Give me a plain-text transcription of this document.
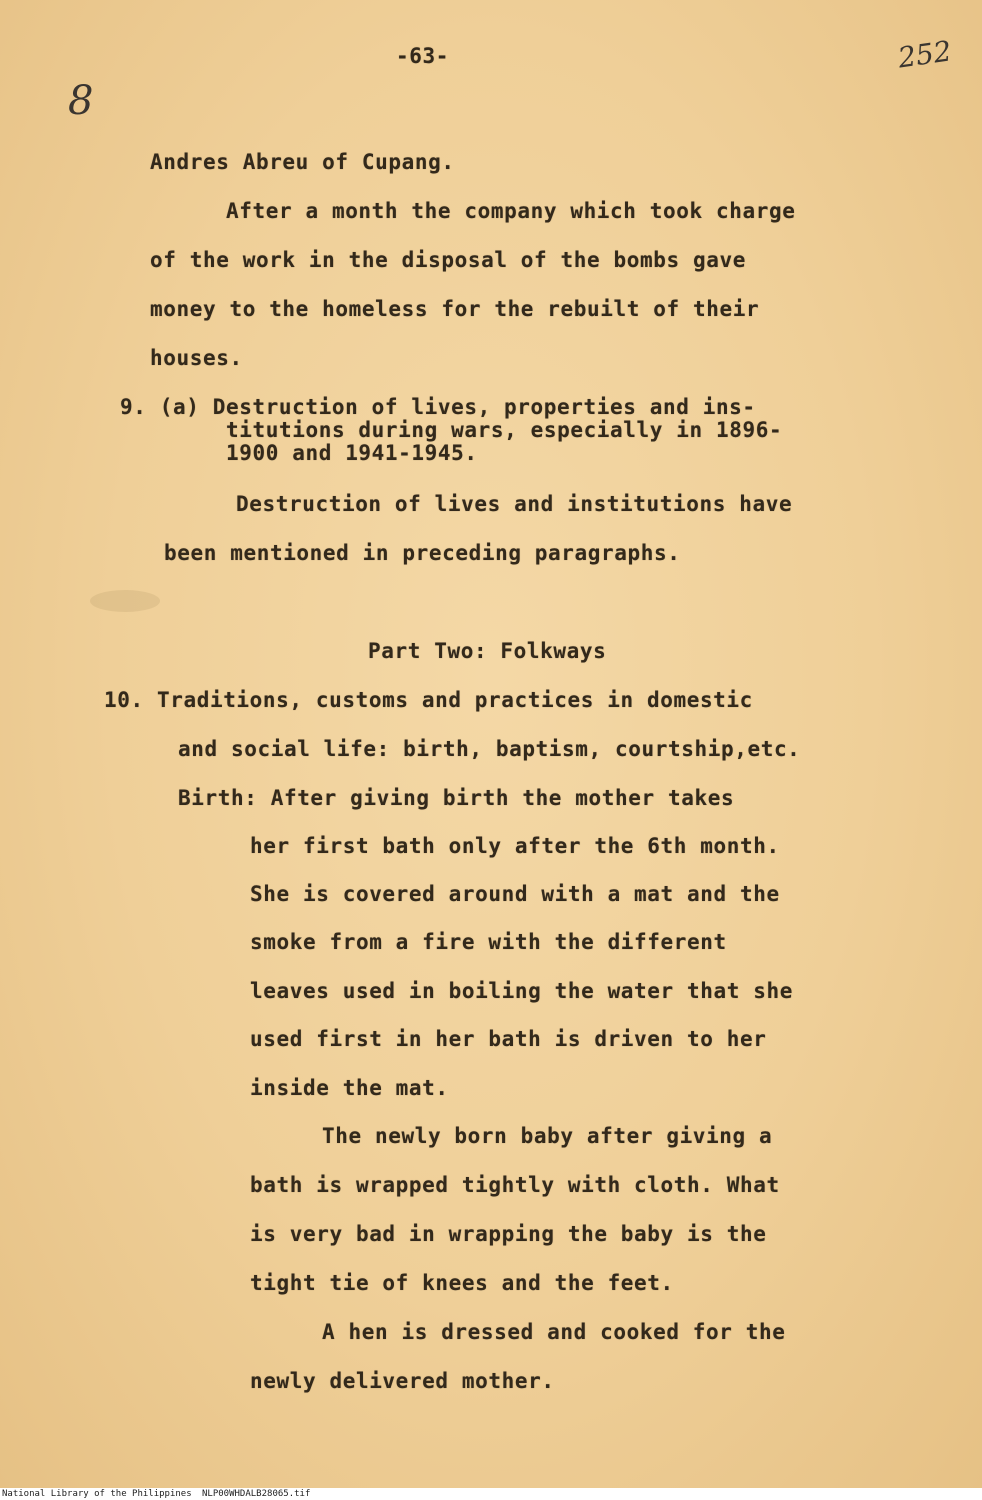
-63-
8
252
Andres Abreu of Cupang.
After a month the company which took charge
of the work in the disposal of the bombs gave
money to the homeless for the rebuilt of their
houses.
9. (a) Destruction of lives, properties and ins-
titutions during wars, especially in 1896-
1900 and 1941-1945.
Destruction of lives and institutions have
been mentioned in preceding paragraphs.
Part Two: Folkways
10. Traditions, customs and practices in domestic
and social life: birth, baptism, courtship,etc.
Birth: After giving birth the mother takes
her first bath only after the 6th month.
She is covered around with a mat and the
smoke from a fire with the different
leaves used in boiling the water that she
used first in her bath is driven to her
inside the mat.
The newly born baby after giving a
bath is wrapped tightly with cloth. What
is very bad in wrapping the baby is the
tight tie of knees and the feet.
A hen is dressed and cooked for the
newly delivered mother.
National Library of the Philippines NLP00WHDALB28065.tif
